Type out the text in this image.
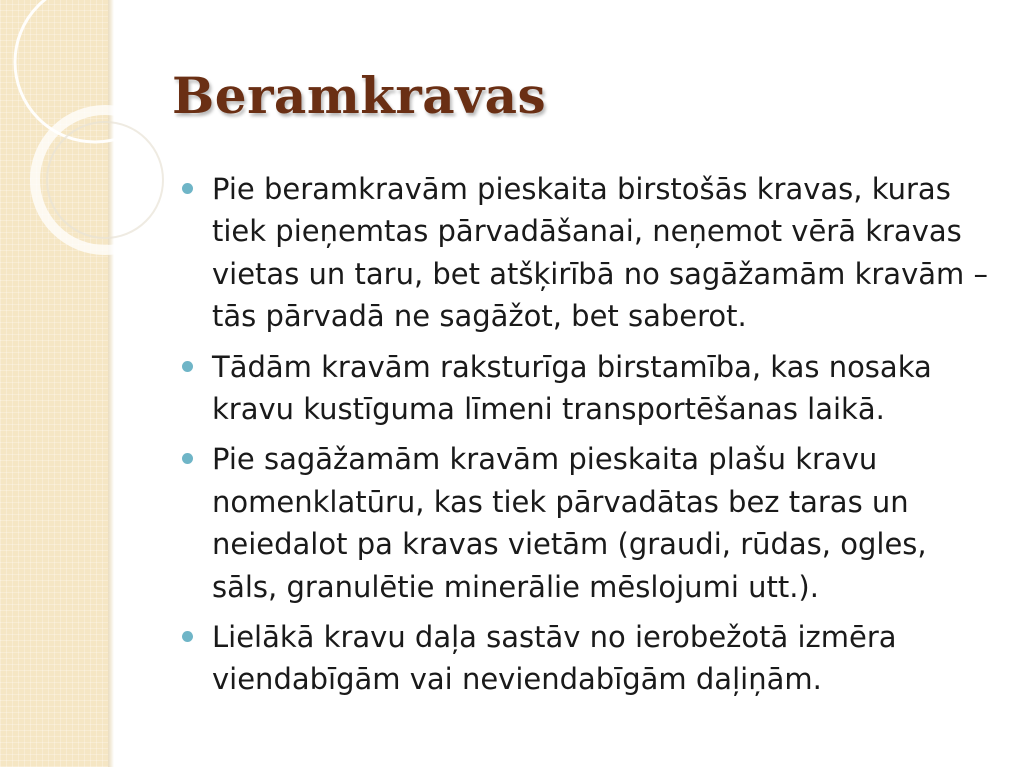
Beramkravas
Pie beramkravām pieskaita birstošās kravas, kuras tiek pieņemtas pārvadāšanai, neņemot vērā kravas vietas un taru, bet atšķirībā no sagāžamām kravām – tās pārvadā ne sagāžot, bet saberot.
Tādām kravām raksturīga birstamība, kas nosaka kravu kustīguma līmeni transportēšanas laikā.
Pie sagāžamām kravām pieskaita plašu kravu nomenklatūru, kas tiek pārvadātas bez taras un neiedalot pa kravas vietām (graudi, rūdas, ogles, sāls, granulētie minerālie mēslojumi utt.).
Lielākā kravu daļa sastāv no ierobežotā izmēra viendabīgām vai neviendabīgām daļiņām.
